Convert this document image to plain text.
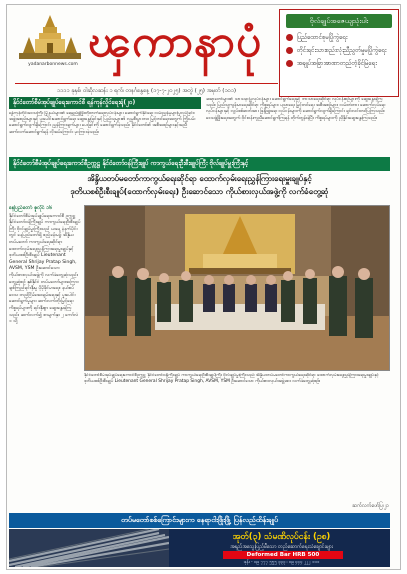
yadanarbonnews.com ၾကာနာပုံ
၁၁၁၁ ခုနှစ်၊ ဝါဆိုလဆန်း ၁ ရက်၊ တနင်္ဂနွေနေ့ (၁၇-၇-၂၀၂၅) အတွဲ (၂၅) အမှတ် (၁၀၁)
ဗိုလ်ချုပ်အဇေယျသုံးပါး
ပြည်ထောင်စုမပြိုကွဲရေး
တိုင်းရင်းသားစည်းလုံးညီညွတ်မှုမပြိုကွဲရေး
အချုပ်အခြာအာဏာတည်တံ့ခိုင်မြဲရေး
နိုင်ငံတော်စီမံအုပ်ချုပ်ရေးကောင်စီ ရန်ကုန်လှိုင်ရေးရုံ(၂၀)
ရန်ကုန်တိုင်းဒေသကြီး မြို့နယ်များ၏ ရေရှည်ဖွံ့ဖြိုးတိုးတက်ရေးလုပ်ငန်းများ ဆောင်ရွက်နိုင်ရေး လမ်းညွှန်မှုများပြုလုပ်ခြင်း၊ အဖွဲ့အစည်းများနှင့် ပူးပေါင်းဆောင်ရွက်ရေး ဆွေးနွေးခြင်းနှင့် ပြည်သူများ၏ လူမှုစီးပွားဘဝ မြှင့်တင်ရေးအတွက် ကြိုးပမ်းဆောင်ရွက်လျက်ရှိကြောင်း ညွှန်ကြားချက်များ ပေးခြင်းကို ဆောင်ရွက်ခဲ့သည်။ နိုင်ငံတော်၏ အစီအစဉ်များနှင့်အညီ ဆက်လက်ဆောင်ရွက်ရန် လိုအပ်ကြောင်း မှာကြားခဲ့သည်။
ဆရာတော်များ၏ သာသနာပြုလုပ်ငန်းများ ဆောင်ရွက်ရေးနှင့် ဘာသာရေးဆိုင်ရာ လုပ်ငန်းစဉ်များကို ဆွေးနွေးခဲ့ကြသည်။ ပြည်သူ့ကျန်းမာရေးဆိုင်ရာ ကိစ္စရပ်များ၊ ပညာရေး မြှင့်တင်ရေး အစီအစဉ်များ၊ လမ်းတံတား ဆောက်လုပ်ရေးလုပ်ငန်းများနှင့် လျှပ်စစ်ဓာတ်အား ဖြန့်ဖြူးရေး လုပ်ငန်းများကို ဆောင်ရွက်လျက်ရှိကြောင်း ရှင်းလင်းတင်ပြကြသည်။ ဒေသဖွံ့ဖြိုးရေးအတွက် ဝိုင်းဝန်းကူညီဆောင်ရွက်ကြရန် တိုက်တွန်းခဲ့ပြီး ကိစ္စရပ်များကို ညှိနှိုင်းဆွေးနွေးကြသည်။
နိုင်ငံတော်စီမံအုပ်ချုပ်ရေးကောင်စီဥက္ကဋ္ဌ နိုင်ငံတော်ဝန်ကြီးချုပ် ကာကွယ်ရေးဦးစီးချုပ်ကြီး ဗိုလ်ချုပ်မှူးကြီးနှင့်
အိန္ဒိယတပ်မတော်ကာကွယ်ရေးဆိုင်ရာ ထောက်လှမ်းရေးညွှန်ကြားရေးမှူးချုပ်နှင့်
ဒုတိယစစ်ဦးစီးချုပ်(ထောက်လှမ်းရေး) ဦးဆောင်သော ကိုယ်စားလှယ်အဖွဲ့ကို လက်ခံတွေ့ဆုံ
နေပြည်တော် ဇူလိုင် ၁၆
နိုင်ငံတော်စီမံအုပ်ချုပ်ရေးကောင်စီ ဥက္ကဋ္ဌ နိုင်ငံတော်ဝန်ကြီးချုပ် ကာကွယ်ရေးဦးစီးချုပ်ကြီး ဗိုလ်ချုပ်မှူးကြီးသည် ယနေ့ နံနက်ပိုင်းတွင် နေပြည်တော်ရှိ ဧည့်ခန်းမ၌ အိန္ဒိယတပ်မတော် ကာကွယ်ရေးဆိုင်ရာ ထောက်လှမ်းရေးညွှန်ကြားရေးမှူးချုပ်နှင့် ဒုတိယစစ်ဦးစီးချုပ် Lieutenant General Shrijay Pratap Singh, AVSM, YSM ဦးဆောင်သော ကိုယ်စားလှယ်အဖွဲ့ကို လက်ခံတွေ့ဆုံသည်။ တွေ့ဆုံစဉ် နှစ်နိုင်ငံ တပ်မတော်များအကြား ချစ်ကြည်ရင်းနှီးမှု ပိုမိုခိုင်မာရေး၊ နယ်စပ်ဒေသ တည်ငြိမ်အေးချမ်းရေးနှင့် ပူးပေါင်းဆောင်ရွက်မှုများ ဆက်လက်တိုးမြှင့်ရေး ကိစ္စရပ်များကို ရင်းနှီးစွာ ဆွေးနွေးခဲ့ကြသည်။ ဆက်လက်၍ စာမျက်နှာ ၂ ကော်လံ ၁ သို့
နိုင်ငံတော်စီမံအုပ်ချုပ်ရေးကောင်စီဥက္ကဋ္ဌ နိုင်ငံတော်ဝန်ကြီးချုပ် ကာကွယ်ရေးဦးစီးချုပ်ကြီး ဗိုလ်ချုပ်မှူးကြီးသည် အိန္ဒိယတပ်မတော်ကာကွယ်ရေးဆိုင်ရာ ထောက်လှမ်းရေးညွှန်ကြားရေးမှူးချုပ်နှင့် ဒုတိယစစ်ဦးစီးချုပ် Lieutenant General Shrijay Pratap Singh, AVSM, YSM ဦးဆောင်သော ကိုယ်စားလှယ်အဖွဲ့အား လက်ခံတွေ့ဆုံစဉ်။
တပ်မတော်စစ်ကြောင်းများက နေရာငါးဖြိုးဖြို့ ပြန်လည်ထိန်းချုပ်
အုတ်(၃) သံမဏိလုပ်ငန်း (ဥစ)
အရည်အသွေးပြည့်မီသော တည်ဆောက်ရေးသံချောင်းများ
Deformed Bar HRB 500
ဖုန်း - ၀၉ ၇၇၇ ၅၅၅ ၃၃၃ ၊ ၀၉ ၄၄၄ ၂၂၂ ၁၁၁
ဆက်လက်ဖော်ပြ၊၂၁
